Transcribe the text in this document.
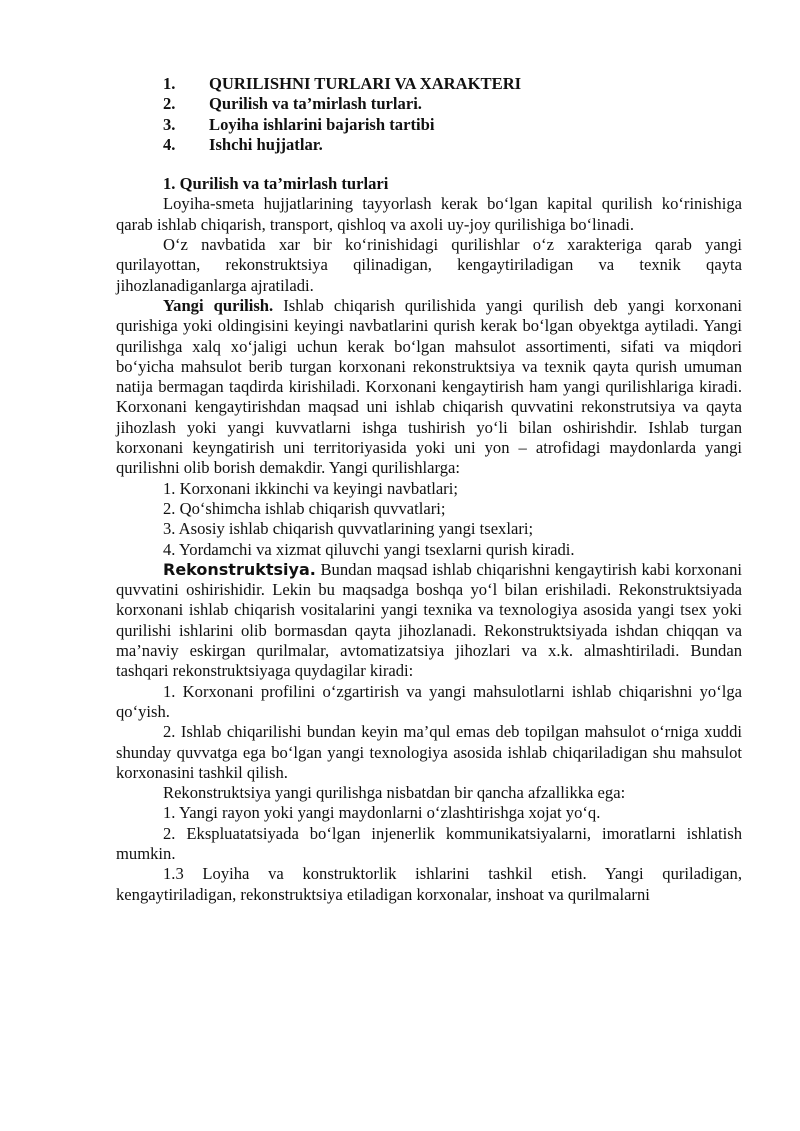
1.	QURILISHNI TURLARI VA XARAKTERI
2.	Qurilish va ta’mirlash turlari.
3.	Loyiha ishlarini bajarish tartibi
4.	Ishchi hujjatlar.
1. Qurilish va ta’mirlash turlari

Loyiha-smeta hujjatlarining tayyorlash kerak bo‘lgan kapital qurilish ko‘rinishiga qarab ishlab chiqarish, transport, qishloq va axoli uy-joy qurilishiga bo‘linadi.

O‘z navbatida xar bir ko‘rinishidagi qurilishlar o‘z xarakteriga qarab yangi qurilayottan, rekonstruktsiya qilinadigan, kengaytiriladigan va texnik qayta jihozlanadiganlarga ajratiladi.

Yangi qurilish. Ishlab chiqarish qurilishida yangi qurilish deb yangi korxonani qurishiga yoki oldingisini keyingi navbatlarini qurish kerak bo‘lgan obyektga aytiladi. Yangi qurilishga xalq xo‘jaligi uchun kerak bo‘lgan mahsulot assortimenti, sifati va miqdori bo‘yicha mahsulot berib turgan korxonani rekonstruktsiya va texnik qayta qurish umuman natija bermagan taqdirda kirishiladi. Korxonani kengaytirish ham yangi qurilishlariga kiradi. Korxonani kengaytirishdan maqsad uni ishlab chiqarish quvvatini rekonstrutsiya va qayta jihozlash yoki yangi kuvvatlarni ishga tushirish yo‘li bilan oshirishdir. Ishlab turgan korxonani keyngatirish uni territoriyasida yoki uni yon – atrofidagi maydonlarda yangi qurilishni olib borish demakdir. Yangi qurilishlarga:

1. Korxonani ikkinchi va keyingi navbatlari;
2. Qo‘shimcha ishlab chiqarish quvvatlari;
3. Asosiy ishlab chiqarish quvvatlarining yangi tsexlari;
4. Yordamchi va xizmat qiluvchi yangi tsexlarni qurish kiradi.

Rekonstruktsiya. Bundan maqsad ishlab chiqarishni kengaytirish kabi korxonani quvvatini oshirishidir. Lekin bu maqsadga boshqa yo‘l bilan erishiladi. Rekonstruktsiyada korxonani ishlab chiqarish vositalarini yangi texnika va texnologiya asosida yangi tsex yoki qurilishi ishlarini olib bormasdan qayta jihozlanadi. Rekonstruktsiyada ishdan chiqqan va ma’naviy eskirgan qurilmalar, avtomatizatsiya jihozlari va x.k. almashtiriladi. Bundan tashqari rekonstruktsiyaga quydagilar kiradi:

1. Korxonani profilini o‘zgartirish va yangi mahsulotlarni ishlab chiqarishni yo‘lga qo‘yish.

2. Ishlab chiqarilishi bundan keyin ma’qul emas deb topilgan mahsulot o‘rniga xuddi shunday quvvatga ega bo‘lgan yangi texnologiya asosida ishlab chiqariladigan shu mahsulot korxonasini tashkil qilish.

Rekonstruktsiya yangi qurilishga nisbatdan bir qancha afzallikka ega:

1. Yangi rayon yoki yangi maydonlarni o‘zlashtirishga xojat yo‘q.

2. Ekspluatatsiyada bo‘lgan injenerlik kommunikatsiyalarni, imoratlarni ishlatish mumkin.

1.3 Loyiha va konstruktorlik ishlarini tashkil etish. Yangi quriladigan, kengaytiriladigan, rekonstruktsiya etiladigan korxonalar, inshoat va qurilmalarni
